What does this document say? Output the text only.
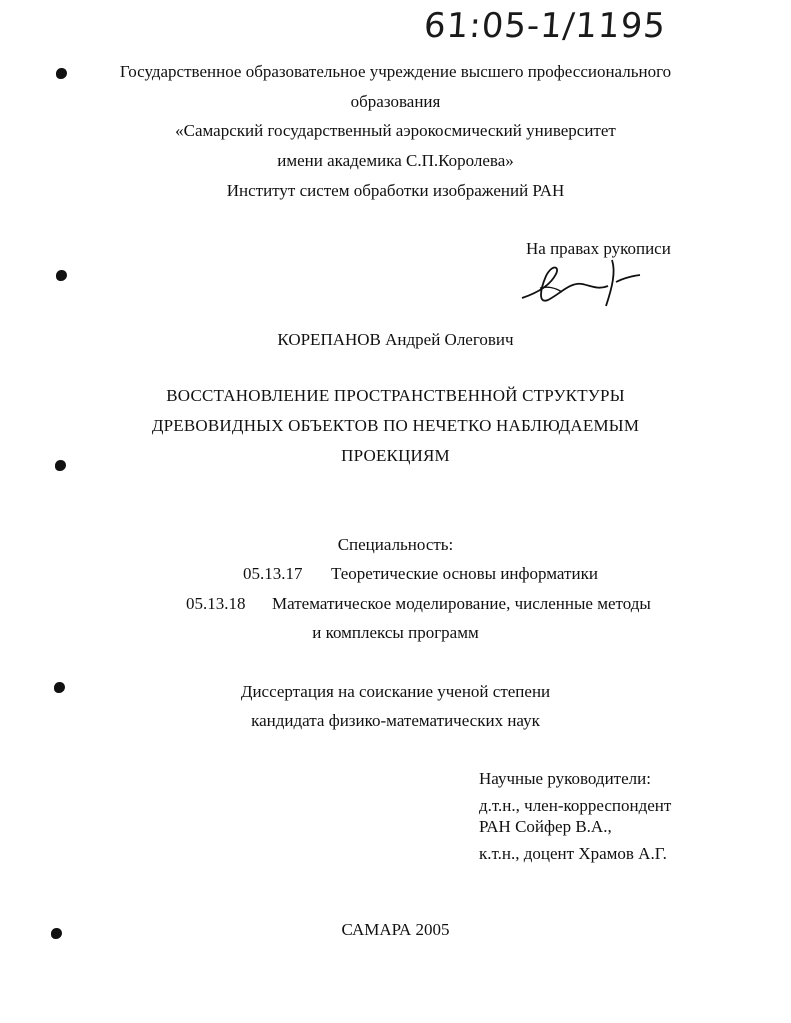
61:05-1/1195
Государственное образовательное учреждение высшего профессионального
образования
«Самарский государственный аэрокосмический университет
имени академика С.П.Королева»
Институт систем обработки изображений РАН
На правах рукописи
КОРЕПАНОВ Андрей Олегович
ВОССТАНОВЛЕНИЕ ПРОСТРАНСТВЕННОЙ СТРУКТУРЫ
ДРЕВОВИДНЫХ ОБЪЕКТОВ ПО НЕЧЕТКО НАБЛЮДАЕМЫМ
ПРОЕКЦИЯМ
Специальность:
05.13.17 Теоретические основы информатики
05.13.18 Математическое моделирование, численные методы
и комплексы программ
Диссертация на соискание ученой степени
кандидата физико-математических наук
Научные руководители:
д.т.н., член-корреспондент
РАН Сойфер В.А.,
к.т.н., доцент Храмов А.Г.
САМАРА 2005
